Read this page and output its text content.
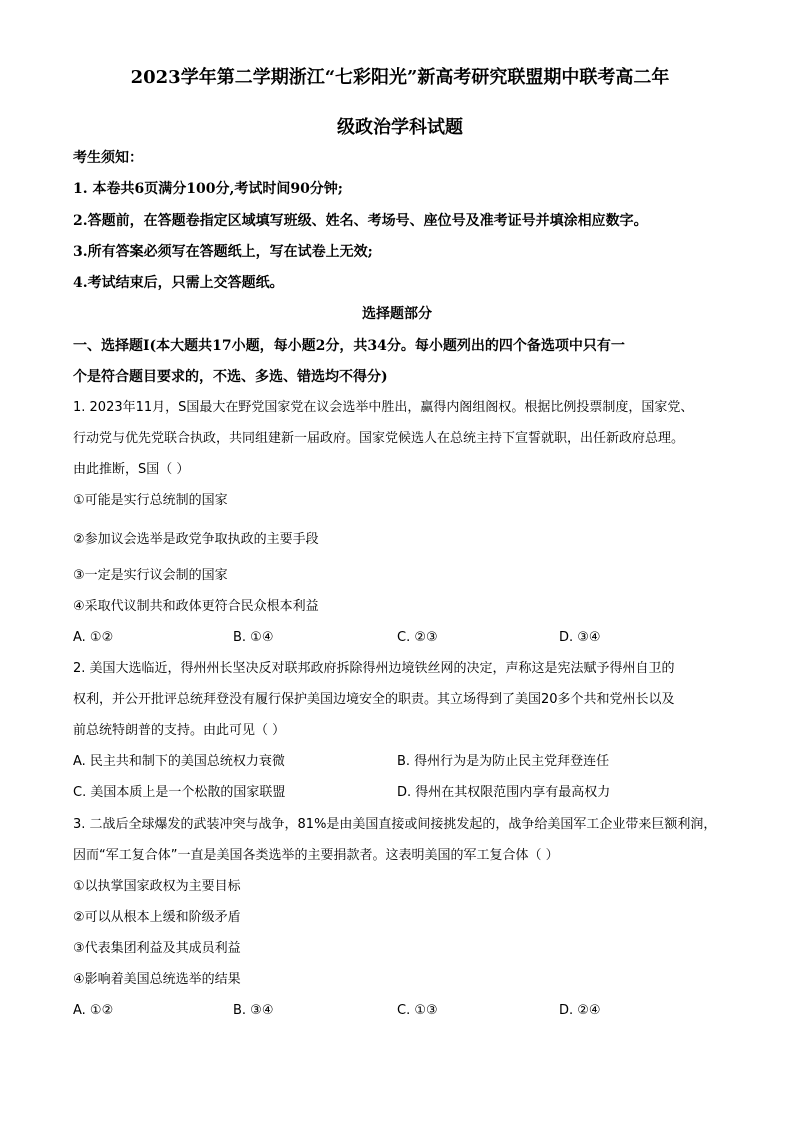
2023学年第二学期浙江“七彩阳光”新高考研究联盟期中联考高二年
级政治学科试题
考生须知：
1. 本卷共6页满分100分,考试时间90分钟;
2.答题前，在答题卷指定区域填写班级、姓名、考场号、座位号及准考证号并填涂相应数字。
3.所有答案必须写在答题纸上，写在试卷上无效;
4.考试结束后，只需上交答题纸。
选择题部分
一、选择题Ⅰ(本大题共17小题，每小题2分，共34分。每小题列出的四个备选项中只有一
个是符合题目要求的，不选、多选、错选均不得分)
1. 2023年11月，S国最大在野党国家党在议会选举中胜出，赢得内阁组阁权。根据比例投票制度，国家党、
行动党与优先党联合执政，共同组建新一届政府。国家党候选人在总统主持下宣誓就职，出任新政府总理。
由此推断，S国（ ）
①可能是实行总统制的国家
②参加议会选举是政党争取执政的主要手段
③一定是实行议会制的国家
④采取代议制共和政体更符合民众根本利益
A. ①②	B. ①④	C. ②③	D. ③④
2. 美国大选临近，得州州长坚决反对联邦政府拆除得州边境铁丝网的决定，声称这是宪法赋予得州自卫的
权利，并公开批评总统拜登没有履行保护美国边境安全的职责。其立场得到了美国20多个共和党州长以及
前总统特朗普的支持。由此可见（ ）
A. 民主共和制下的美国总统权力衰微	B. 得州行为是为防止民主党拜登连任
C. 美国本质上是一个松散的国家联盟	D. 得州在其权限范围内享有最高权力
3. 二战后全球爆发的武装冲突与战争，81%是由美国直接或间接挑发起的，战争给美国军工企业带来巨额利润，
因而“军工复合体”一直是美国各类选举的主要捐款者。这表明美国的军工复合体（ ）
①以执掌国家政权为主要目标
②可以从根本上缓和阶级矛盾
③代表集团利益及其成员利益
④影响着美国总统选举的结果
A. ①②	B. ③④	C. ①③	D. ②④
